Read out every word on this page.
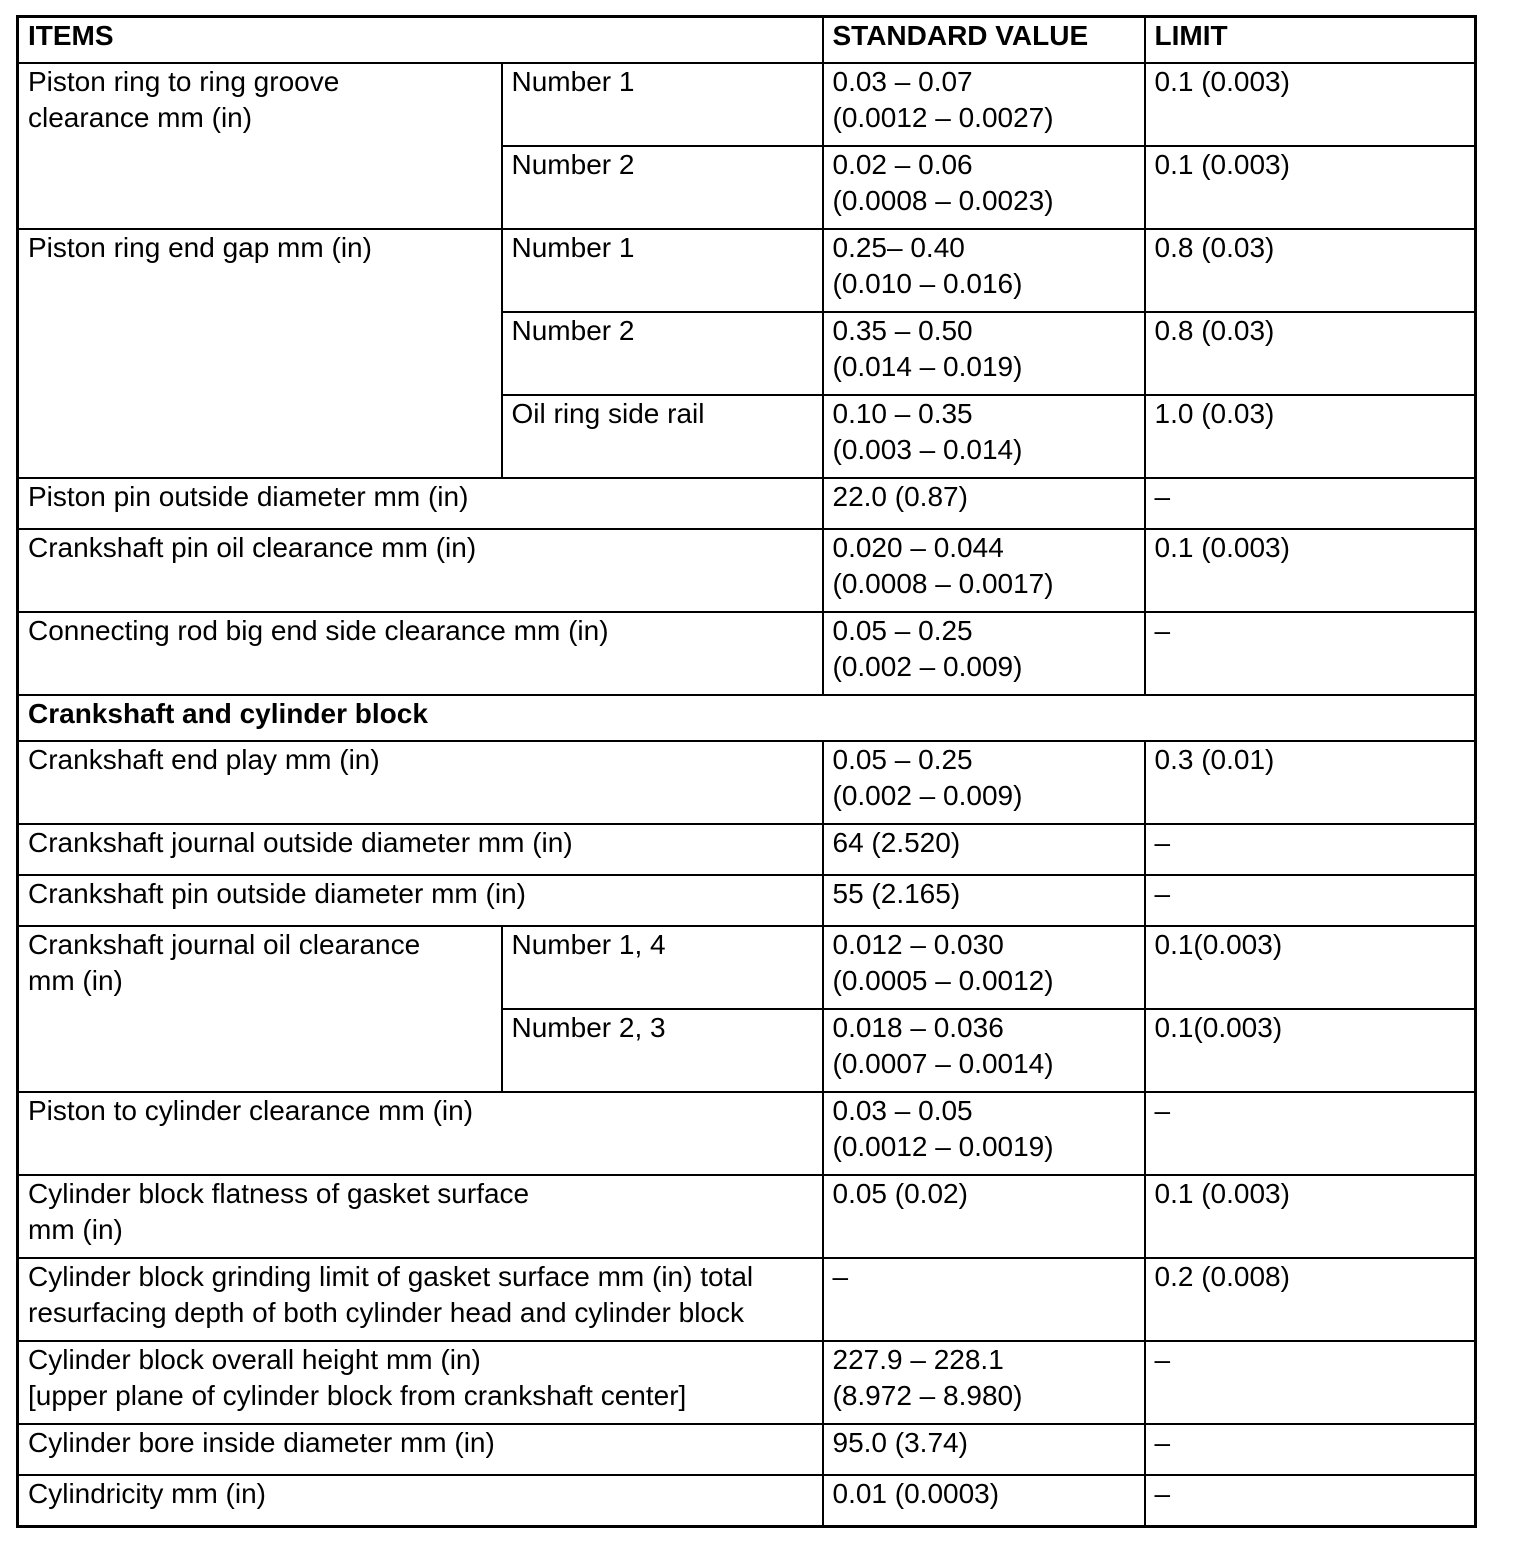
ITEMS		STANDARD VALUE	LIMIT
Piston ring to ring groove
clearance mm (in)	Number 1	0.03 – 0.07
(0.0012 – 0.0027)	0.1 (0.003)
	Number 2	0.02 – 0.06
(0.0008 – 0.0023)	0.1 (0.003)
Piston ring end gap mm (in)	Number 1	0.25– 0.40
(0.010 – 0.016)	0.8 (0.03)
	Number 2	0.35 – 0.50
(0.014 – 0.019)	0.8 (0.03)
	Oil ring side rail	0.10 – 0.35
(0.003 – 0.014)	1.0 (0.03)
Piston pin outside diameter mm (in)		22.0 (0.87)	–
Crankshaft pin oil clearance mm (in)		0.020 – 0.044
(0.0008 – 0.0017)	0.1 (0.003)
Connecting rod big end side clearance mm (in)		0.05 – 0.25
(0.002 – 0.009)	–
Crankshaft and cylinder block			
Crankshaft end play mm (in)		0.05 – 0.25
(0.002 – 0.009)	0.3 (0.01)
Crankshaft journal outside diameter mm (in)		64 (2.520)	–
Crankshaft pin outside diameter mm (in)		55 (2.165)	–
Crankshaft journal oil clearance
mm (in)	Number 1, 4	0.012 – 0.030
(0.0005 – 0.0012)	0.1(0.003)
	Number 2, 3	0.018 – 0.036
(0.0007 – 0.0014)	0.1(0.003)
Piston to cylinder clearance mm (in)		0.03 – 0.05
(0.0012 – 0.0019)	–
Cylinder block flatness of gasket surface
mm (in)		0.05 (0.02)	0.1 (0.003)
Cylinder block grinding limit of gasket surface mm (in) total
resurfacing depth of both cylinder head and cylinder block		–	0.2 (0.008)
Cylinder block overall height mm (in)
[upper plane of cylinder block from crankshaft center]		227.9 – 228.1
(8.972 – 8.980)	–
Cylinder bore inside diameter mm (in)		95.0 (3.74)	–
Cylindricity mm (in)		0.01 (0.0003)	–
